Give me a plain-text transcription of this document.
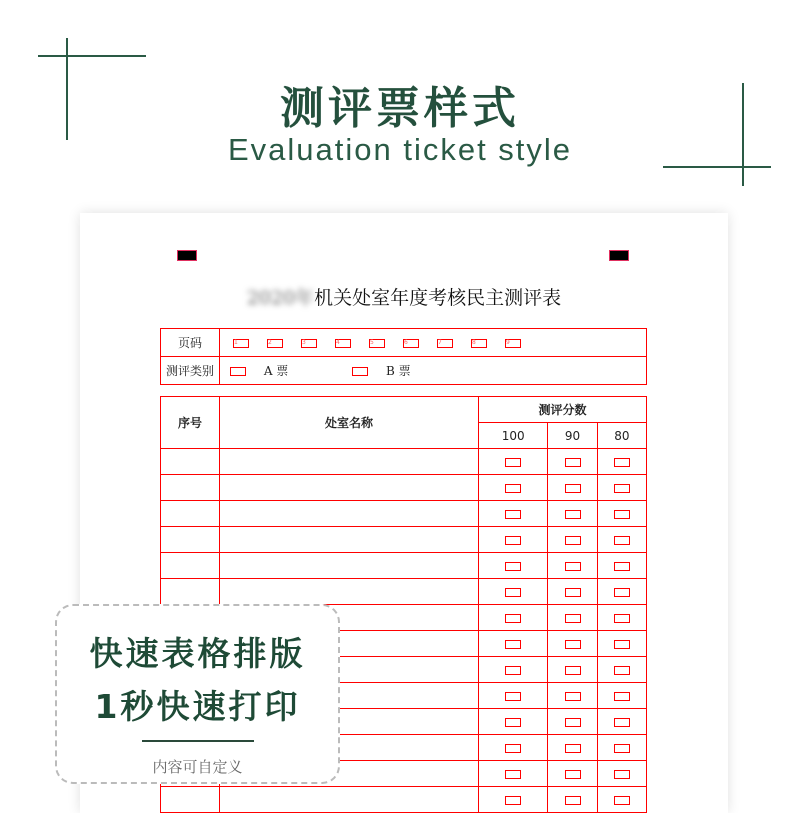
测评票样式
Evaluation ticket style
2020年机关处室年度考核民主测评表
页码	1 2 3 4 5 6 7 8 9
测评类别	A 票 B 票
序号	处室名称	测评分数		
		100	90	80

快速表格排版
1秒快速打印
内容可自定义
